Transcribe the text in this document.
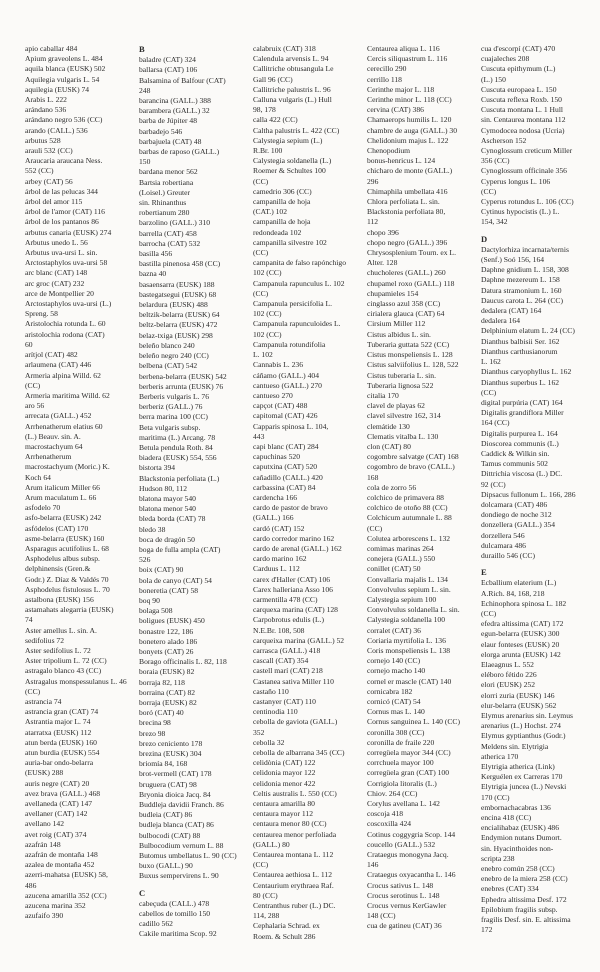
apio caballar 484
Apium graveolens L. 484
aquila blanca (EUSK) 502
Aquilegia vulgaris L. 54
aquilegia (EUSK) 74
Arabis L. 222
arándano 536
arándano negro 536 (CC)
arando (CALL.) 536
arbutus 528
arauli 532 (CC)
Araucaria araucana Ness.
552 (CC)
arbey (CAT) 56
árbol de las pelucas 344
árbol del amor 115
árbol de l'amor (CAT) 116
árbol de los pantanos 86
arbutus canaria (EUSK) 274
Arbutus unedo L. 56
Arbutus uva-ursi L. sin.
Arctostaphylos uva-ursi 58
arc blanc (CAT) 148
arc groc (CAT) 232
arce de Montpellier 20
Arctostaphylos uva-ursi (L.)
Spreng. 58
Aristolochia rotunda L. 60
aristolochia rodona (CAT)
60
arítjol (CAT) 482
arlaumena (CAT) 446
Armeria alpina Willd. 62
(CC)
Armeria maritima Willd. 62
aro 56
arrecata (GALL.) 452
Arrhenatherum elatius 60
(L.) Beauv. sin. A.
macrostachyum 64
Arrhenatherum
macrostachyum (Moric.) K.
Koch 64
Arum italicum Miller 66
Arum maculatum L. 66
asfodelo 70
asfo-belarra (EUSK) 242
asfódelos (CAT) 170
asme-belarra (EUSK) 160
Asparagus acutifolius L. 68
Asphodelus albus subsp.
delphinensis (Gren.&
Godr.) Z. Díaz & Valdés 70
Asphodelus fistulosus L. 70
astalbona (EUSK) 156
astamahats alegarria (EUSK)
74
Aster amellus L. sin. A.
sedifolius 72
Aster sedifolius L. 72
Aster tripolium L. 72 (CC)
astragalo blanco 43 (CC)
Astragalus monspessulanus L. 46
(CC)
astrancia 74
astrancia gran (CAT) 74
Astrantia major L. 74
atarratxa (EUSK) 112
atun berda (EUSK) 160
atun burdia (EUSK) 554
auria-bar ondo-belarra
(EUSK) 288
auris negre (CAT) 20
avez brava (GALL.) 468
avellaneda (CAT) 147
avellaner (CAT) 142
avellano 142
avet roig (CAT) 374
azafrán 148
azafrán de montaña 148
azalea de montaña 452
azerri-mahatsa (EUSK) 58,
486
azucena amarilla 352 (CC)
azucena marina 352
azufaifo 390
B
baladre (CAT) 324
ballarsa (CAT) 106
Balsamina of Balfour (CAT)
248
barancina (GALL.) 388
barambera (GALL.) 32
barba de Júpiter 48
barbadejo 546
barbajuela (CAT) 48
barbas de raposo (GALL.)
150
bardana menor 562
Bartsia robertiana
(Loisel.) Greuter
sin. Rhinanthus
robertianum 280
barzolino (GALL.) 310
barrella (CAT) 458
barrocha (CAT) 532
basilla 456
bastilla pinenosa 458 (CC)
bazna 40
basaensarra (EUSK) 188
bastegatsegui (EUSK) 68
belardura (EUSK) 488
beltzik-belarra (EUSK) 64
beltz-belarra (EUSK) 472
belaz-txiga (EUSK) 298
beleño blanco 240
beleño negro 240 (CC)
belbena (CAT) 542
berbena-belarra (EUSK) 542
berberis arrunta (EUSK) 76
Berberis vulgaris L. 76
berberiz (GALL.) 76
berra marina 100 (CC)
Beta vulgaris subsp.
maritima (L.) Arcang. 78
Betula pendula Roth. 84
biadera (EUSK) 554, 556
bistorta 394
Blackstonia perfoliata (L.)
Hudson 80, 112
blatona mayor 540
blatona menor 540
bleda borda (CAT) 78
bledo 38
boca de dragón 50
boga de fulla ampla (CAT)
526
boix (CAT) 90
bola de canyo (CAT) 54
boneretia (CAT) 58
boq 90
bolaga 508
boligues (EUSK) 450
bonastre 122, 186
bonetero alado 186
bonyets (CAT) 26
Borago officinalis L. 82, 118
boraia (EUSK) 82
borraja 82, 118
borraina (CAT) 82
borraja (EUSK) 82
boró (CAT) 40
brecina 98
brezo 98
brezo ceniciento 178
brezina (EUSK) 304
briomía 84, 168
brot-vermell (CAT) 178
bruguera (CAT) 98
Bryonia dioica Jacq. 84
Buddleja davidii Franch. 86
budleia (CAT) 86
budleja blanca (CAT) 86
bulbocodi (CAT) 88
Bulbocodium vernum L. 88
Butomus umbellatus L. 90 (CC)
buxo (GALL.) 90
Buxus sempervirens L. 90
C
cabeçuda (CALL.) 478
cabellos de tomillo 150
cadillo 562
Cakile maritima Scop. 92
calabruix (CAT) 318
Calendula arvensis L. 94
Callitriche obtusangula Le
Gall 96 (CC)
Callitriche palustris L. 96
Calluna vulgaris (L.) Hull
98, 178
calla 422 (CC)
Caltha palustris L. 422 (CC)
Calystegia sepium (L.)
R.Br. 100
Calystegia soldanella (L.)
Roemer & Schultes 100
(CC)
camedrio 306 (CC)
campanilla de hoja
(CAT.) 102
campanilla de hoja
redondeada 102
campanilla silvestre 102
(CC)
campanita de falso rapónchigo
102 (CC)
Campanula rapunculus L. 102
(CC)
Campanula persicifolia L.
102 (CC)
Campanula rapunculoides L.
102 (CC)
Campanula rotundifolia
L. 102
Cannabis L. 236
cáñamo (GALL.) 404
cantueso (GALL.) 270
cantueso 270
capçot (CAT) 488
capitomal (CAT) 426
Capparis spinosa L. 104,
443
capi blanc (CAT) 284
capuchinas 520
caputxina (CAT) 520
cañadillo (CALL.) 420
carbassina (CAT) 84
cardencha 166
cardo de pastor de bravo
(GALL.) 166
cardó (CAT) 152
cardo corredor marino 162
cardo de arenal (GALL.) 162
cardo marino 162
Carduus L. 112
carex d'Haller (CAT) 106
Carex halleriana Asso 106
carmentilla 478 (CC)
carquexa marina (CAT) 128
Carpobrotus edulis (L.)
N.E.Br. 108, 508
carqueixa marina (GALL.) 52
carrasca (GALL.) 418
cascall (CAT) 354
castell marí (CAT) 218
Castanea sativa Miller 110
castaño 110
castanyer (CAT) 110
centinodia 110
cebolla de gaviota (GALL.)
352
cebolla 32
cebolla de albarrana 345 (CC)
celidònia (CAT) 122
celidonia mayor 122
celidonia menor 422
Celtis australis L. 550 (CC)
centaura amarilla 80
centaura mayor 112
centaura menor 80 (CC)
centaurea menor perfoliada
(GALL.) 80
Centaurea montana L. 112
(CC)
Centaurea aethiosa L. 112
Centaurium erythraea Raf.
80 (CC)
Centranthus ruber (L.) DC.
114, 288
Cephalaria Schrad. ex
Roem. & Schult 286
Centaurea aliqua L. 116
Cercis siliquastrum L. 116
cerecillo 290
cerrillo 118
Cerinthe major L. 118
Cerinthe minor L. 118 (CC)
cervina (CAT) 386
Chamaerops humilis L. 120
chambre de auga (GALL.) 30
Chelidonium majus L. 122
Chenopodium
bonus-henricus L. 124
chicharo de monte (GALL.)
296
Chimaphila umbellata 416
Chlora perfoliata L. sin.
Blackstonia perfoliata 80,
112
chopo 396
chopo negro (GALL.) 396
Chrysosplenium Tourn. ex L.
Alter. 128
chucholeres (GALL.) 260
chupamel roxo (GALL.) 118
chupamieles 154
cinglasso azul 358 (CC)
cirialera glauca (CAT) 64
Cirsium Miller 112
Cistus albidus L. sin.
Tuberaria guttata 522 (CC)
Cistus monspeliensis L. 128
Cistus salviifolius L. 128, 522
Cistus tuberaria L. sin.
Tuberaria lignosa 522
citalia 170
clavel de playas 62
clavel silvestre 162, 314
clemátide 130
Clematis vitalba L. 130
clon (CAT) 80
cogombre salvatge (CAT) 168
cogombro de bravo (CALL.)
168
cola de zorro 56
colchico de primavera 88
colchico de otoño 88 (CC)
Colchicum autumnale L. 88
(CC)
Colutea arborescens L. 132
comimas marinas 264
conejera (GALL.) 550
conillet (CAT) 50
Convallaria majalis L. 134
Convolvulus sepium L. sin.
Calystegia sepium 100
Convolvulus soldanella L. sin.
Calystegia soldanella 100
corralet (CAT) 36
Coriaria myrtifolia L. 136
Coris monspeliensis L. 138
cornejo 140 (CC)
cornejo macho 140
cornel er mascle (CAT) 140
cornicabra 182
cornicó (CAT) 54
Cornus mas L. 140
Cornus sanguinea L. 140 (CC)
coronilla 308 (CC)
coronilla de fraile 220
corregüela mayor 344 (CC)
corrchuela mayor 100
corregüela gran (CAT) 100
Corrigiola litoralis (L.)
Chiov. 264 (CC)
Corylus avellana L. 142
coscoja 418
coscoxilla 424
Cotinus coggygria Scop. 144
coucello (GALL.) 532
Crataegus monogyna Jacq.
146
Crataegus oxyacantha L. 146
Crocus sativus L. 148
Crocus serotinus L. 148
Crocus vernus KerGawler
148 (CC)
cua de gatineu (CAT) 36
cua d'escorpí (CAT) 470
cuajaleches 208
Cuscuta epithymum (L.)
(L.) 150
Cuscuta europaea L. 150
Cuscuta reflexa Roxb. 150
Cuscuta montana L. 1 Hull
sin. Centaurea montana 112
Cymodocea nodosa (Ucria)
Ascherson 152
Cynoglossum creticum Miller
356 (CC)
Cynoglossum officinale 356
Cyperus longus L. 106
(CC)
Cyperus rotundus L. 106 (CC)
Cytinus hypocistis (L.) L.
154, 342
D
Dactylorhiza incarnata/ternis
(Senf.) Soó 156, 164
Daphne gnidium L. 158, 308
Daphne mezereum L. 158
Datura stramonium L. 160
Daucus carota L. 264 (CC)
dedalera (CAT) 164
dedalera 164
Delphinium elatum L. 24 (CC)
Dianthus balbisii Ser. 162
Dianthus carthusianorum
L. 162
Dianthus caryophyllus L. 162
Dianthus superbus L. 162
(CC)
digital purpúria (CAT) 164
Digitalis grandiflora Miller
164 (CC)
Digitalis purpurea L. 164
Dioscorea communis (L.)
Caddick & Wilkin sin.
Tamus communis 502
Dittrichia viscosa (L.) DC.
92 (CC)
Dipsacus fullonum L. 166, 286
dolcamara (CAT) 486
dondiego de noche 312
donzellera (GALL.) 354
dorzellera 546
dulcamara 486
duraillo 546 (CC)
E
Ecballium elaterium (L.)
A.Rich. 84, 168, 218
Echinophora spinosa L. 182
(CC)
efedra altissima (CAT) 172
egun-belarra (EUSK) 300
elaur fonteses (EUSK) 20
elorga arunta (EUSK) 142
Elaeagnus L. 552
eléboro fétido 226
elori (EUSK) 252
elorri zuria (EUSK) 146
elur-belarra (EUSK) 562
Elymus arenarius sin. Leymus
arenarius (L.) Hochst. 274
Elymus gyptianthus (Godr.)
Meldens sin. Elytrigia
atherica 170
Elytrigia atherica (Link)
Kerguélen ex Carreras 170
Elytrigia juncea (L.) Nevski
170 (CC)
embornachacabras 136
encina 418 (CC)
encialihabaz (EUSK) 486
Endymion nutans Dumort.
sin. Hyacinthoides non-
scripta 238
enebro común 258 (CC)
enebro de la miera 258 (CC)
enebres (CAT) 334
Ephedra altissima Desf. 172
Epilobium fragilis subsp.
fragilis Desf. sin. E. altissima
172
